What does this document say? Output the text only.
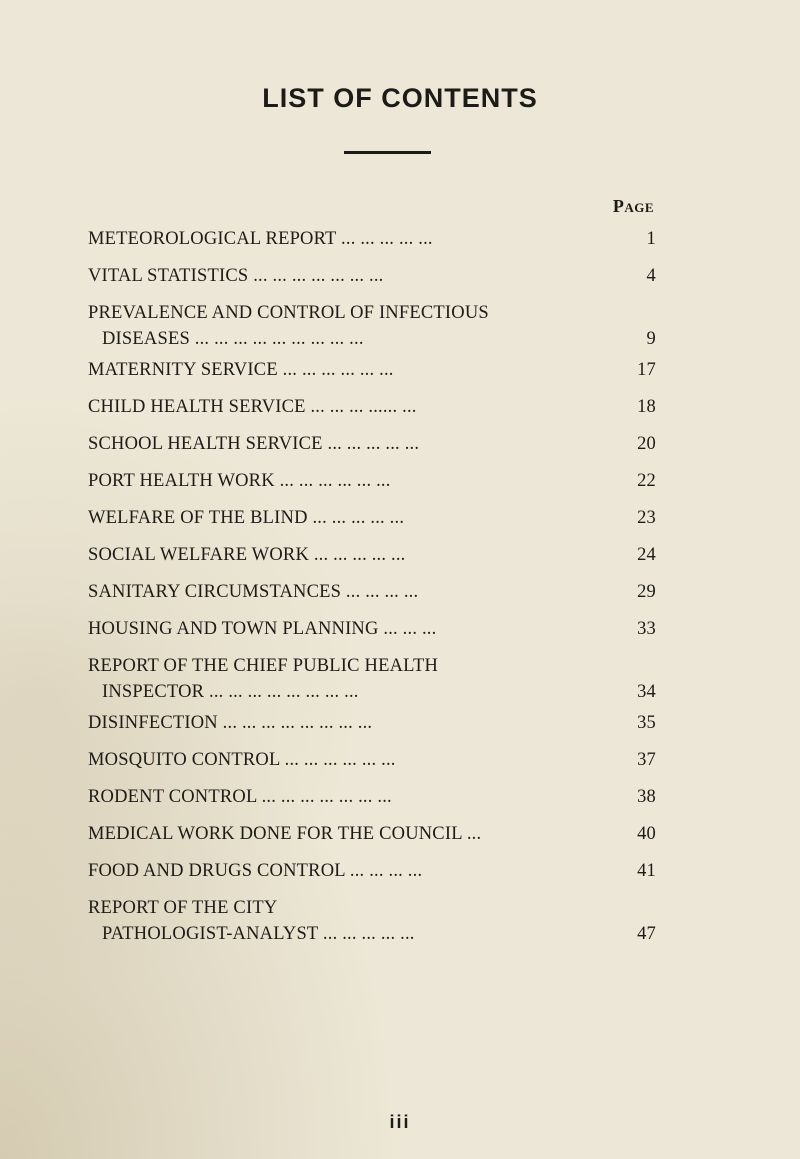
LIST OF CONTENTS
Page
METEOROLOGICAL REPORT ... ... ... ... ...	1
VITAL STATISTICS ... ... ... ... ... ... ...	4
PREVALENCE AND CONTROL OF INFECTIOUS
DISEASES ... ... ... ... ... ... ... ... ...	9
MATERNITY SERVICE ... ... ... ... ... ...	17
CHILD HEALTH SERVICE ... ... ... ...... ...	18
SCHOOL HEALTH SERVICE ... ... ... ... ...	20
PORT HEALTH WORK ... ... ... ... ... ...	22
WELFARE OF THE BLIND ... ... ... ... ...	23
SOCIAL WELFARE WORK ... ... ... ... ...	24
SANITARY CIRCUMSTANCES ... ... ... ...	29
HOUSING AND TOWN PLANNING ... ... ...	33
REPORT OF THE CHIEF PUBLIC HEALTH
INSPECTOR ... ... ... ... ... ... ... ...	34
DISINFECTION ... ... ... ... ... ... ... ...	35
MOSQUITO CONTROL ... ... ... ... ... ...	37
RODENT CONTROL ... ... ... ... ... ... ...	38
MEDICAL WORK DONE FOR THE COUNCIL ...	40
FOOD AND DRUGS CONTROL ... ... ... ...	41
REPORT OF THE CITY
PATHOLOGIST-ANALYST ... ... ... ... ...	47
iii
